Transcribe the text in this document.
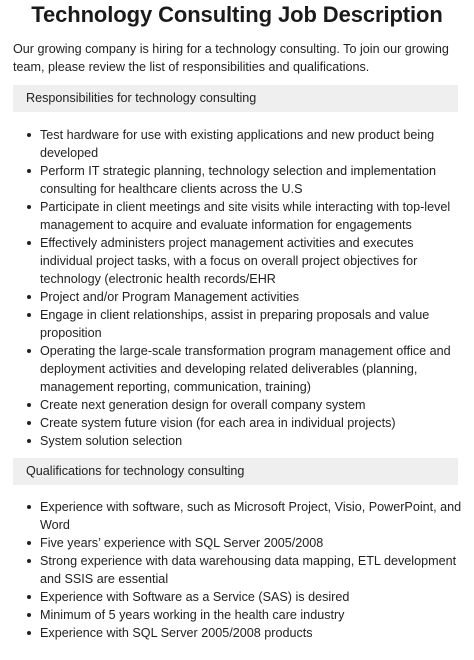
Technology Consulting Job Description
Our growing company is hiring for a technology consulting. To join our growing team, please review the list of responsibilities and qualifications.
Responsibilities for technology consulting
Test hardware for use with existing applications and new product being developed
Perform IT strategic planning, technology selection and implementation consulting for healthcare clients across the U.S
Participate in client meetings and site visits while interacting with top-level management to acquire and evaluate information for engagements
Effectively administers project management activities and executes individual project tasks, with a focus on overall project objectives for technology (electronic health records/EHR
Project and/or Program Management activities
Engage in client relationships, assist in preparing proposals and value proposition
Operating the large-scale transformation program management office and deployment activities and developing related deliverables (planning, management reporting, communication, training)
Create next generation design for overall company system
Create system future vision (for each area in individual projects)
System solution selection
Qualifications for technology consulting
Experience with software, such as Microsoft Project, Visio, PowerPoint, and Word
Five years’ experience with SQL Server 2005/2008
Strong experience with data warehousing data mapping, ETL development and SSIS are essential
Experience with Software as a Service (SAS) is desired
Minimum of 5 years working in the health care industry
Experience with SQL Server 2005/2008 products
